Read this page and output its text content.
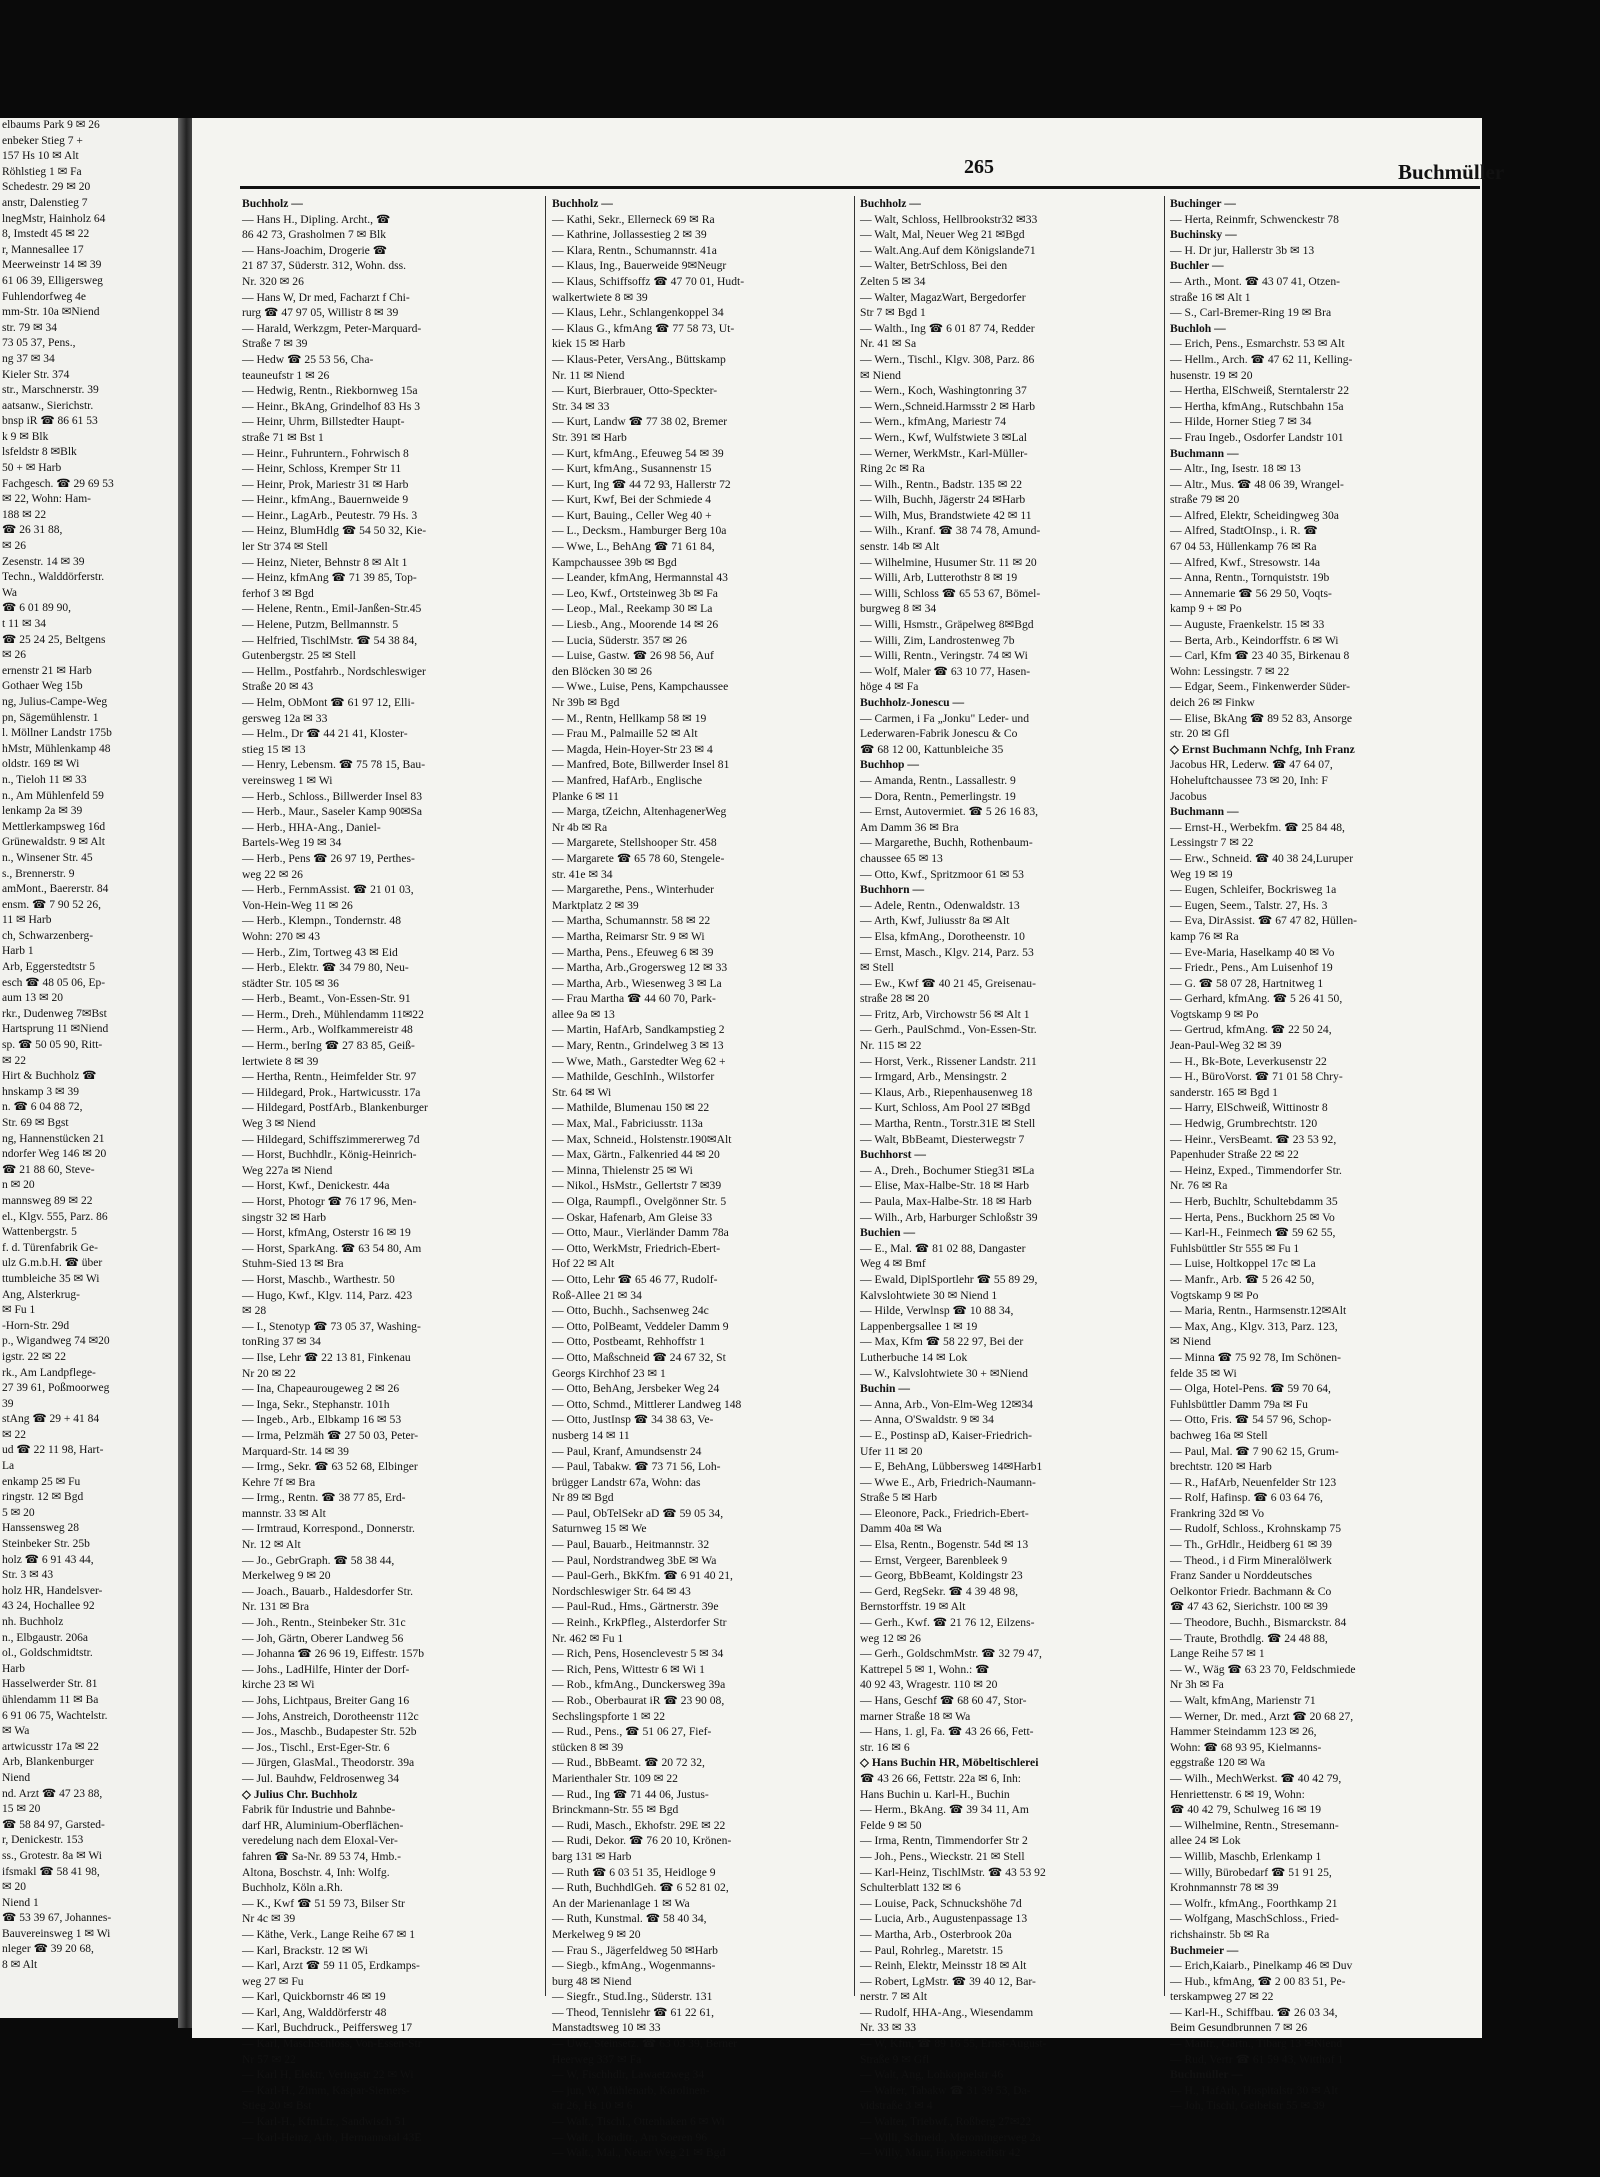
elbaums Park 9 ✉ 26
enbeker Stieg 7 +
157 Hs 10 ✉ Alt
Röhlstieg 1 ✉ Fa
Schedestr. 29 ✉ 20
anstr, Dalenstieg 7
lnegMstr, Hainholz 64
8, Imstedt 45 ✉ 22
r, Mannesallee 17
Meerweinstr 14 ✉ 39
61 06 39, Elligersweg
Fuhlendorfweg 4e
mm-Str. 10a ✉Niend
str. 79 ✉ 34
73 05 37, Pens.,
ng 37 ✉ 34
Kieler Str. 374
str., Marschnerstr. 39
aatsanw., Sierichstr.
bnsp iR ☎ 86 61 53
k 9 ✉ Blk
lsfeldstr 8 ✉Blk
50 + ✉ Harb
Fachgesch. ☎ 29 69 53
✉ 22, Wohn: Ham-
188 ✉ 22
☎ 26 31 88,
✉ 26
Zesenstr. 14 ✉ 39
Techn., Walddörferstr.
Wa
☎ 6 01 89 90,
t 11 ✉ 34
☎ 25 24 25, Beltgens
✉ 26
ernenstr 21 ✉ Harb
Gothaer Weg 15b
ng, Julius-Campe-Weg
pn, Sägemühlenstr. 1
l. Möllner Landstr 175b
hMstr, Mühlenkamp 48
oldstr. 169 ✉ Wi
n., Tieloh 11 ✉ 33
n., Am Mühlenfeld 59
lenkamp 2a ✉ 39
Mettlerkampsweg 16d
Grünewaldstr. 9 ✉ Alt
n., Winsener Str. 45
s., Brennerstr. 9
amMont., Baererstr. 84
ensm. ☎ 7 90 52 26,
11 ✉ Harb
ch, Schwarzenberg-
Harb 1
Arb, Eggerstedtstr 5
esch ☎ 48 05 06, Ep-
aum 13 ✉ 20
rkr., Dudenweg 7✉Bst
Hartsprung 11 ✉Niend
sp. ☎ 50 05 90, Ritt-
✉ 22
Hirt & Buchholz ☎
hnskamp 3 ✉ 39
n. ☎ 6 04 88 72,
Str. 69 ✉ Bgst
ng, Hannenstücken 21
ndorfer Weg 146 ✉ 20
☎ 21 88 60, Steve-
n ✉ 20
mannsweg 89 ✉ 22
el., Klgv. 555, Parz. 86
Wattenbergstr. 5
f. d. Türenfabrik Ge-
ulz G.m.b.H. ☎ über
ttumbleiche 35 ✉ Wi
Ang, Alsterkrug-
✉ Fu 1
-Horn-Str. 29d
p., Wigandweg 74 ✉20
igstr. 22 ✉ 22
rk., Am Landpflege-
27 39 61, Poßmoorweg
39
stAng ☎ 29 + 41 84
✉ 22
ud ☎ 22 11 98, Hart-
La
enkamp 25 ✉ Fu
ringstr. 12 ✉ Bgd
5 ✉ 20
Hanssensweg 28
Steinbeker Str. 25b
holz ☎ 6 91 43 44,
Str. 3 ✉ 43
holz HR, Handelsver-
43 24, Hochallee 92
nh. Buchholz
n., Elbgaustr. 206a
ol., Goldschmidtstr.
Harb
Hasselwerder Str. 81
ühlendamm 11 ✉ Ba
6 91 06 75, Wachtelstr.
✉ Wa
artwicusstr 17a ✉ 22
Arb, Blankenburger
Niend
nd. Arzt ☎ 47 23 88,
15 ✉ 20
☎ 58 84 97, Garsted-
r, Denickestr. 153
ss., Grotestr. 8a ✉ Wi
ifsmakl ☎ 58 41 98,
✉ 20
Niend 1
☎ 53 39 67, Johannes-
Bauvereinsweg 1 ✉ Wi
nleger ☎ 39 20 68,
8 ✉ Alt
265	Buchmüller
Buchholz —
— Hans H., Dipling. Archt., ☎
86 42 73, Grasholmen 7 ✉ Blk
— Hans-Joachim, Drogerie ☎
21 87 37, Süderstr. 312, Wohn. dss.
Nr. 320 ✉ 26
— Hans W, Dr med, Facharzt f Chi-
rurg ☎ 47 97 05, Willistr 8 ✉ 39
— Harald, Werkzgm, Peter-Marquard-
Straße 7 ✉ 39
— Hedw ☎ 25 53 56, Cha-
teauneufstr 1 ✉ 26
— Hedwig, Rentn., Riekbornweg 15a
— Heinr., BkAng, Grindelhof 83 Hs 3
— Heinr, Uhrm, Billstedter Haupt-
straße 71 ✉ Bst 1
— Heinr., Fuhruntern., Fohrwisch 8
— Heinr, Schloss, Kremper Str 11
— Heinr, Prok, Mariestr 31 ✉ Harb
— Heinr., kfmAng., Bauernweide 9
— Heinr., LagArb., Peutestr. 79 Hs. 3
— Heinz, BlumHdlg ☎ 54 50 32, Kie-
ler Str 374 ✉ Stell
— Heinz, Nieter, Behnstr 8 ✉ Alt 1
— Heinz, kfmAng ☎ 71 39 85, Top-
ferhof 3 ✉ Bgd
— Helene, Rentn., Emil-Janßen-Str.45
— Helene, Putzm, Bellmannstr. 5
— Helfried, TischlMstr. ☎ 54 38 84,
Gutenbergstr. 25 ✉ Stell
— Hellm., Postfahrb., Nordschleswiger
Straße 20 ✉ 43
— Helm, ObMont ☎ 61 97 12, Elli-
gersweg 12a ✉ 33
— Helm., Dr ☎ 44 21 41, Kloster-
stieg 15 ✉ 13
— Henry, Lebensm. ☎ 75 78 15, Bau-
vereinsweg 1 ✉ Wi
— Herb., Schloss., Billwerder Insel 83
— Herb., Maur., Saseler Kamp 90✉Sa
— Herb., HHA-Ang., Daniel-
Bartels-Weg 19 ✉ 34
— Herb., Pens ☎ 26 97 19, Perthes-
weg 22 ✉ 26
— Herb., FernmAssist. ☎ 21 01 03,
Von-Hein-Weg 11 ✉ 26
— Herb., Klempn., Tondernstr. 48
Wohn: 270 ✉ 43
— Herb., Zim, Tortweg 43 ✉ Eid
— Herb., Elektr. ☎ 34 79 80, Neu-
städter Str. 105 ✉ 36
— Herb., Beamt., Von-Essen-Str. 91
— Herm., Dreh., Mühlendamm 11✉22
— Herm., Arb., Wolfkammereistr 48
— Herm., berIng ☎ 27 83 85, Geiß-
lertwiete 8 ✉ 39
— Hertha, Rentn., Heimfelder Str. 97
— Hildegard, Prok., Hartwicusstr. 17a
— Hildegard, PostfArb., Blankenburger
Weg 3 ✉ Niend
— Hildegard, Schiffszimmererweg 7d
— Horst, Buchhdlr., König-Heinrich-
Weg 227a ✉ Niend
— Horst, Kwf., Denickestr. 44a
— Horst, Photogr ☎ 76 17 96, Men-
singstr 32 ✉ Harb
— Horst, kfmAng, Osterstr 16 ✉ 19
— Horst, SparkAng. ☎ 63 54 80, Am
Stuhm-Sied 13 ✉ Bra
— Horst, Maschb., Warthestr. 50
— Hugo, Kwf., Klgv. 114, Parz. 423
✉ 28
— I., Stenotyp ☎ 73 05 37, Washing-
tonRing 37 ✉ 34
— Ilse, Lehr ☎ 22 13 81, Finkenau
Nr 20 ✉ 22
— Ina, Chapeaurougeweg 2 ✉ 26
— Inga, Sekr., Stephanstr. 101h
— Ingeb., Arb., Elbkamp 16 ✉ 53
— Irma, Pelzmäh ☎ 27 50 03, Peter-
Marquard-Str. 14 ✉ 39
— Irmg., Sekr. ☎ 63 52 68, Elbinger
Kehre 7f ✉ Bra
— Irmg., Rentn. ☎ 38 77 85, Erd-
mannstr. 33 ✉ Alt
— Irmtraud, Korrespond., Donnerstr.
Nr. 12 ✉ Alt
— Jo., GebrGraph. ☎ 58 38 44,
Merkelweg 9 ✉ 20
— Joach., Bauarb., Haldesdorfer Str.
Nr. 131 ✉ Bra
— Joh., Rentn., Steinbeker Str. 31c
— Joh, Gärtn, Oberer Landweg 56
— Johanna ☎ 26 96 19, Eiffestr. 157b
— Johs., LadHilfe, Hinter der Dorf-
kirche 23 ✉ Wi
— Johs, Lichtpaus, Breiter Gang 16
— Johs, Anstreich, Dorotheenstr 112c
— Jos., Maschb., Budapester Str. 52b
— Jos., Tischl., Erst-Eger-Str. 6
— Jürgen, GlasMal., Theodorstr. 39a
— Jul. Bauhdw, Feldrosenweg 34
◇ Julius Chr. Buchholz
Fabrik für Industrie und Bahnbe-
darf HR, Aluminium-Oberflächen-
veredelung nach dem Eloxal-Ver-
fahren ☎ Sa-Nr. 89 53 74, Hmb.-
Altona, Boschstr. 4, Inh: Wolfg.
Buchholz, Köln a.Rh.
— K., Kwf ☎ 51 59 73, Bilser Str
Nr 4c ✉ 39
— Käthe, Verk., Lange Reihe 67 ✉ 1
— Karl, Brackstr. 12 ✉ Wi
— Karl, Arzt ☎ 59 11 05, Erdkamps-
weg 27 ✉ Fu
— Karl, Quickbornstr 46 ✉ 19
— Karl, Ang, Walddörferstr 48
— Karl, Buchdruck., Peiffersweg 17
— Karl, MaschSchloss, Von-Essen-Str
Nr 57 ✉ 22
— Karl H, Elektr, Veringstr 22 ✉ Wi
— Karl-H., Zimm, Kaspar-Siemers-
Stieg 20 ✉ Bst
— Karl-H., KfmLtr., Sandwisch 51
— Karl-Heinz, Arb., Hermannstal 43E
Buchholz —
— Kathi, Sekr., Ellerneck 69 ✉ Ra
— Kathrine, Jollassestieg 2 ✉ 39
— Klara, Rentn., Schumannstr. 41a
— Klaus, Ing., Bauerweide 9✉Neugr
— Klaus, Schiffsoffz ☎ 47 70 01, Hudt-
walkertwiete 8 ✉ 39
— Klaus, Lehr., Schlangenkoppel 34
— Klaus G., kfmAng ☎ 77 58 73, Ut-
kiek 15 ✉ Harb
— Klaus-Peter, VersAng., Büttskamp
Nr. 11 ✉ Niend
— Kurt, Bierbrauer, Otto-Speckter-
Str. 34 ✉ 33
— Kurt, Landw ☎ 77 38 02, Bremer
Str. 391 ✉ Harb
— Kurt, kfmAng., Efeuweg 54 ✉ 39
— Kurt, kfmAng., Susannenstr 15
— Kurt, Ing ☎ 44 72 93, Hallerstr 72
— Kurt, Kwf, Bei der Schmiede 4
— Kurt, Bauing., Celler Weg 40 +
— L., Decksm., Hamburger Berg 10a
— Wwe, L., BehAng ☎ 71 61 84,
Kampchaussee 39b ✉ Bgd
— Leander, kfmAng, Hermannstal 43
— Leo, Kwf., Ortsteinweg 3b ✉ Fa
— Leop., Mal., Reekamp 30 ✉ La
— Liesb., Ang., Moorende 14 ✉ 26
— Lucia, Süderstr. 357 ✉ 26
— Luise, Gastw. ☎ 26 98 56, Auf
den Blöcken 30 ✉ 26
— Wwe., Luise, Pens, Kampchaussee
Nr 39b ✉ Bgd
— M., Rentn, Hellkamp 58 ✉ 19
— Frau M., Palmaille 52 ✉ Alt
— Magda, Hein-Hoyer-Str 23 ✉ 4
— Manfred, Bote, Billwerder Insel 81
— Manfred, HafArb., Englische
Planke 6 ✉ 11
— Marga, tZeichn, AltenhagenerWeg
Nr 4b ✉ Ra
— Margarete, Stellshooper Str. 458
— Margarete ☎ 65 78 60, Stengele-
str. 41e ✉ 34
— Margarethe, Pens., Winterhuder
Marktplatz 2 ✉ 39
— Martha, Schumannstr. 58 ✉ 22
— Martha, Reimarsr Str. 9 ✉ Wi
— Martha, Pens., Efeuweg 6 ✉ 39
— Martha, Arb.,Grogersweg 12 ✉ 33
— Martha, Arb., Wiesenweg 3 ✉ La
— Frau Martha ☎ 44 60 70, Park-
allee 9a ✉ 13
— Martin, HafArb, Sandkampstieg 2
— Mary, Rentn., Grindelweg 3 ✉ 13
— Wwe, Math., Garstedter Weg 62 +
— Mathilde, GeschInh., Wilstorfer
Str. 64 ✉ Wi
— Mathilde, Blumenau 150 ✉ 22
— Max, Mal., Fabriciusstr. 113a
— Max, Schneid., Holstenstr.190✉Alt
— Max, Gärtn., Falkenried 44 ✉ 20
— Minna, Thielenstr 25 ✉ Wi
— Nikol., HsMstr., Gellertstr 7 ✉39
— Olga, Raumpfl., Ovelgönner Str. 5
— Oskar, Hafenarb, Am Gleise 33
— Otto, Maur., Vierländer Damm 78a
— Otto, WerkMstr, Friedrich-Ebert-
Hof 22 ✉ Alt
— Otto, Lehr ☎ 65 46 77, Rudolf-
Roß-Allee 21 ✉ 34
— Otto, Buchh., Sachsenweg 24c
— Otto, PolBeamt, Veddeler Damm 9
— Otto, Postbeamt, Rehhoffstr 1
— Otto, Maßschneid ☎ 24 67 32, St
Georgs Kirchhof 23 ✉ 1
— Otto, BehAng, Jersbeker Weg 24
— Otto, Schmd., Mittlerer Landweg 148
— Otto, JustInsp ☎ 34 38 63, Ve-
nusberg 14 ✉ 11
— Paul, Kranf, Amundsenstr 24
— Paul, Tabakw. ☎ 73 71 56, Loh-
brügger Landstr 67a, Wohn: das
Nr 89 ✉ Bgd
— Paul, ObTelSekr aD ☎ 59 05 34,
Saturnweg 15 ✉ We
— Paul, Bauarb., Heitmannstr. 32
— Paul, Nordstrandweg 3bE ✉ Wa
— Paul-Gerh., BkKfm. ☎ 6 91 40 21,
Nordschleswiger Str. 64 ✉ 43
— Paul-Rud., Hms., Gärtnerstr. 39e
— Reinh., KrkPfleg., Alsterdorfer Str
Nr. 462 ✉ Fu 1
— Rich, Pens, Hosenclevestr 5 ✉ 34
— Rich, Pens, Wittestr 6 ✉ Wi 1
— Rob., kfmAng., Dunckersweg 39a
— Rob., Oberbaurat iR ☎ 23 90 08,
Sechslingspforte 1 ✉ 22
— Rud., Pens., ☎ 51 06 27, Fief-
stücken 8 ✉ 39
— Rud., BbBeamt. ☎ 20 72 32,
Marienthaler Str. 109 ✉ 22
— Rud., Ing ☎ 71 44 06, Justus-
Brinckmann-Str. 55 ✉ Bgd
— Rudi, Masch., Ekhofstr. 29E ✉ 22
— Rudi, Dekor. ☎ 76 20 10, Krönen-
barg 131 ✉ Harb
— Ruth ☎ 6 03 51 35, Heidloge 9
— Ruth, BuchhdlGeh. ☎ 6 52 81 02,
An der Marienanlage 1 ✉ Wa
— Ruth, Kunstmal. ☎ 58 40 34,
Merkelweg 9 ✉ 20
— Frau S., Jägerfeldweg 50 ✉Harb
— Siegb., kfmAng., Wogenmanns-
burg 48 ✉ Niend
— Siegfr., Stud.Ing., Süderstr. 131
— Theod, Tennislehr ☎ 61 22 61,
Manstadtsweg 10 ✉ 33
— Uwe, Steinsetz. ☎ 63 03 39, Berner
Heerweg 337 ✉ Fa
— W, Fischhdlr, Lawaetzweg 34
— jun, W, Mühlenarb, Karolinen-
str 26, Hs 10 ✉ 6
— Walt., Tischl., Ottenhaken 6 ✉ Wi
— Walt., Konditr., Am Soeren 96
— Walt., Mal., Neuer Weg 21 ✉ Bgd
Buchholz —
— Walt, Schloss, Hellbrookstr32 ✉33
— Walt, Mal, Neuer Weg 21 ✉Bgd
— Walt.Ang.Auf dem Königslande71
— Walter, BetrSchloss, Bei den
Zelten 5 ✉ 34
— Walter, MagazWart, Bergedorfer
Str 7 ✉ Bgd 1
— Walth., Ing ☎ 6 01 87 74, Redder
Nr. 41 ✉ Sa
— Wern., Tischl., Klgv. 308, Parz. 86
✉ Niend
— Wern., Koch, Washingtonring 37
— Wern.,Schneid.Harmsstr 2 ✉ Harb
— Wern., kfmAng, Mariestr 74
— Wern., Kwf, Wulfstwiete 3 ✉Lal
— Werner, WerkMstr., Karl-Müller-
Ring 2c ✉ Ra
— Wilh., Rentn., Badstr. 135 ✉ 22
— Wilh, Buchh, Jägerstr 24 ✉Harb
— Wilh, Mus, Brandstwiete 42 ✉ 11
— Wilh., Kranf. ☎ 38 74 78, Amund-
senstr. 14b ✉ Alt
— Wilhelmine, Husumer Str. 11 ✉ 20
— Willi, Arb, Lutterothstr 8 ✉ 19
— Willi, Schloss ☎ 65 53 67, Bömel-
burgweg 8 ✉ 34
— Willi, Hsmstr., Gräpelweg 8✉Bgd
— Willi, Zim, Landrostenweg 7b
— Willi, Rentn., Veringstr. 74 ✉ Wi
— Wolf, Maler ☎ 63 10 77, Hasen-
höge 4 ✉ Fa
Buchholz-Jonescu —
— Carmen, i Fa „Jonku" Leder- und
Lederwaren-Fabrik Jonescu & Co
☎ 68 12 00, Kattunbleiche 35
Buchhop —
— Amanda, Rentn., Lassallestr. 9
— Dora, Rentn., Pemerlingstr. 19
— Ernst, Autovermiet. ☎ 5 26 16 83,
Am Damm 36 ✉ Bra
— Margarethe, Buchh, Rothenbaum-
chaussee 65 ✉ 13
— Otto, Kwf., Spritzmoor 61 ✉ 53
Buchhorn —
— Adele, Rentn., Odenwaldstr. 13
— Arth, Kwf, Juliusstr 8a ✉ Alt
— Elsa, kfmAng., Dorotheenstr. 10
— Ernst, Masch., Klgv. 214, Parz. 53
✉ Stell
— Ew., Kwf ☎ 40 21 45, Greisenau-
straße 28 ✉ 20
— Fritz, Arb, Virchowstr 56 ✉ Alt 1
— Gerh., PaulSchmd., Von-Essen-Str.
Nr. 115 ✉ 22
— Horst, Verk., Rissener Landstr. 211
— Irmgard, Arb., Mensingstr. 2
— Klaus, Arb., Riepenhausenweg 18
— Kurt, Schloss, Am Pool 27 ✉Bgd
— Martha, Rentn., Torstr.31E ✉ Stell
— Walt, BbBeamt, Diesterwegstr 7
Buchhorst —
— A., Dreh., Bochumer Stieg31 ✉La
— Elise, Max-Halbe-Str. 18 ✉ Harb
— Paula, Max-Halbe-Str. 18 ✉ Harb
— Wilh., Arb, Harburger Schloßstr 39
Buchien —
— E., Mal. ☎ 81 02 88, Dangaster
Weg 4 ✉ Bmf
— Ewald, DiplSportlehr ☎ 55 89 29,
Kalvslohtwiete 30 ✉ Niend 1
— Hilde, Verwlnsp ☎ 10 88 34,
Lappenbergsallee 1 ✉ 19
— Max, Kfm ☎ 58 22 97, Bei der
Lutherbuche 14 ✉ Lok
— W., Kalvslohtwiete 30 + ✉Niend
Buchin —
— Anna, Arb., Von-Elm-Weg 12✉34
— Anna, O'Swaldstr. 9 ✉ 34
— E., Postinsp aD, Kaiser-Friedrich-
Ufer 11 ✉ 20
— E, BehAng, Lübbersweg 14✉Harb1
— Wwe E., Arb, Friedrich-Naumann-
Straße 5 ✉ Harb
— Eleonore, Pack., Friedrich-Ebert-
Damm 40a ✉ Wa
— Elsa, Rentn., Bogenstr. 54d ✉ 13
— Ernst, Vergeer, Barenbleek 9
— Georg, BbBeamt, Koldingstr 23
— Gerd, RegSekr. ☎ 4 39 48 98,
Bernstorffstr. 19 ✉ Alt
— Gerh., Kwf. ☎ 21 76 12, Eilzens-
weg 12 ✉ 26
— Gerh., GoldschmMstr. ☎ 32 79 47,
Kattrepel 5 ✉ 1, Wohn.: ☎
40 92 43, Wragestr. 110 ✉ 20
— Hans, Geschf ☎ 68 60 47, Stor-
marner Straße 18 ✉ Wa
— Hans, 1. gl, Fa. ☎ 43 26 66, Fett-
str. 16 ✉ 6
◇ Hans Buchin HR, Möbeltischlerei
☎ 43 26 66, Fettstr. 22a ✉ 6, Inh:
Hans Buchin u. Karl-H., Buchin
— Herm., BkAng. ☎ 39 34 11, Am
Felde 9 ✉ 50
— Irma, Rentn, Timmendorfer Str 2
— Joh., Pens., Wieckstr. 21 ✉ Stell
— Karl-Heinz, TischlMstr. ☎ 43 53 92
Schulterblatt 132 ✉ 6
— Louise, Pack, Schnuckshöhe 7d
— Lucia, Arb., Augustenpassage 13
— Martha, Arb., Osterbrook 20a
— Paul, Rohrleg., Maretstr. 15
— Reinh, Elektr, Meinsstr 18 ✉ Alt
— Robert, LgMstr. ☎ 39 40 12, Bar-
nerstr. 7 ✉ Alt
— Rudolf, HHA-Ang., Wiesendamm
Nr. 33 ✉ 33
— W, Kfm, ☎ 89 16 55, Ernst-August-
Straße 9 ✉ Gfl
— Walt, Ang, Lohkoppelstr 46
— Walter, Tabakw ☎ 31 39 53, Da-
vidstraße 3 ✉ 4
— Walter, Triebwf., Roßberg 27✉22
— Willi, Schneid., Meromingerweg 2a
— Willy, Maur, Hoppenstedtstr 42
Buchinger —
— Herta, Reinmfr, Schwenckestr 78
Buchinsky —
— H. Dr jur, Hallerstr 3b ✉ 13
Buchler —
— Arth., Mont. ☎ 43 07 41, Otzen-
straße 16 ✉ Alt 1
— S., Carl-Bremer-Ring 19 ✉ Bra
Buchloh —
— Erich, Pens., Esmarchstr. 53 ✉ Alt
— Hellm., Arch. ☎ 47 62 11, Kelling-
husenstr. 19 ✉ 20
— Hertha, ElSchweiß, Sterntalerstr 22
— Hertha, kfmAng., Rutschbahn 15a
— Hilde, Horner Stieg 7 ✉ 34
— Frau Ingeb., Osdorfer Landstr 101
Buchmann —
— Altr., Ing, Isestr. 18 ✉ 13
— Altr., Mus. ☎ 48 06 39, Wrangel-
straße 79 ✉ 20
— Alfred, Elektr, Scheidingweg 30a
— Alfred, StadtOInsp., i. R. ☎
67 04 53, Hüllenkamp 76 ✉ Ra
— Alfred, Kwf., Stresowstr. 14a
— Anna, Rentn., Tornquiststr. 19b
— Annemarie ☎ 56 29 50, Voqts-
kamp 9 + ✉ Po
— Auguste, Fraenkelstr. 15 ✉ 33
— Berta, Arb., Keindorffstr. 6 ✉ Wi
— Carl, Kfm ☎ 23 40 35, Birkenau 8
Wohn: Lessingstr. 7 ✉ 22
— Edgar, Seem., Finkenwerder Süder-
deich 26 ✉ Finkw
— Elise, BkAng ☎ 89 52 83, Ansorge
str. 20 ✉ Gfl
◇ Ernst Buchmann Nchfg, Inh Franz
Jacobus HR, Lederw. ☎ 47 64 07,
Hoheluftchaussee 73 ✉ 20, Inh: F
Jacobus
Buchmann —
— Ernst-H., Werbekfm. ☎ 25 84 48,
Lessingstr 7 ✉ 22
— Erw., Schneid. ☎ 40 38 24,Luruper
Weg 19 ✉ 19
— Eugen, Schleifer, Bockrisweg 1a
— Eugen, Seem., Talstr. 27, Hs. 3
— Eva, DirAssist. ☎ 67 47 82, Hüllen-
kamp 76 ✉ Ra
— Eve-Maria, Haselkamp 40 ✉ Vo
— Friedr., Pens., Am Luisenhof 19
— G. ☎ 58 07 28, Hartnitweg 1
— Gerhard, kfmAng. ☎ 5 26 41 50,
Vogtskamp 9 ✉ Po
— Gertrud, kfmAng. ☎ 22 50 24,
Jean-Paul-Weg 32 ✉ 39
— H., Bk-Bote, Leverkusenstr 22
— H., BüroVorst. ☎ 71 01 58 Chry-
sanderstr. 165 ✉ Bgd 1
— Harry, ElSchweiß, Wittinostr 8
— Hedwig, Grumbrechtstr. 120
— Heinr., VersBeamt. ☎ 23 53 92,
Papenhuder Straße 22 ✉ 22
— Heinz, Exped., Timmendorfer Str.
Nr. 76 ✉ Ra
— Herb, Buchltr, Schultebdamm 35
— Herta, Pens., Buckhorn 25 ✉ Vo
— Karl-H., Feinmech ☎ 59 62 55,
Fuhlsbüttler Str 555 ✉ Fu 1
— Luise, Holtkoppel 17c ✉ La
— Manfr., Arb. ☎ 5 26 42 50,
Vogtskamp 9 ✉ Po
— Maria, Rentn., Harmsenstr.12✉Alt
— Max, Ang., Klgv. 313, Parz. 123,
✉ Niend
— Minna ☎ 75 92 78, Im Schönen-
felde 35 ✉ Wi
— Olga, Hotel-Pens. ☎ 59 70 64,
Fuhlsbüttler Damm 79a ✉ Fu
— Otto, Fris. ☎ 54 57 96, Schop-
bachweg 16a ✉ Stell
— Paul, Mal. ☎ 7 90 62 15, Grum-
brechtstr. 120 ✉ Harb
— R., HafArb, Neuenfelder Str 123
— Rolf, Hafinsp. ☎ 6 03 64 76,
Frankring 32d ✉ Vo
— Rudolf, Schloss., Krohnskamp 75
— Th., GrHdlr., Heidberg 61 ✉ 39
— Theod., i d Firm Mineralölwerk
Franz Sander u Norddeutsches
Oelkontor Friedr. Bachmann & Co
☎ 47 43 62, Sierichstr. 100 ✉ 39
— Theodore, Buchh., Bismarckstr. 84
— Traute, Brothdlg. ☎ 24 48 88,
Lange Reihe 57 ✉ 1
— W., Wäg ☎ 63 23 70, Feldschmiede
Nr 3h ✉ Fa
— Walt, kfmAng, Marienstr 71
— Werner, Dr. med., Arzt ☎ 20 68 27,
Hammer Steindamm 123 ✉ 26,
Wohn: ☎ 68 93 95, Kielmanns-
eggstraße 120 ✉ Wa
— Wilh., MechWerkst. ☎ 40 42 79,
Henriettenstr. 6 ✉ 19, Wohn:
☎ 40 42 79, Schulweg 16 ✉ 19
— Wilhelmine, Rentn., Stresemann-
allee 24 ✉ Lok
— Willib, Maschb, Erlenkamp 1
— Willy, Bürobedarf ☎ 51 91 25,
Krohnmannstr 78 ✉ 39
— Wolfr., kfmAng., Foorthkamp 21
— Wolfgang, MaschSchloss., Fried-
richshainstr. 5b ✉ Ra
Buchmeier —
— Erich,Kaiarb., Pinelkamp 46 ✉ Duv
— Hub., kfmAng, ☎ 2 00 83 51, Pe-
terskampweg 27 ✉ 22
— Karl-H., Schiffbau. ☎ 26 03 34,
Beim Gesundbrunnen 7 ✉ 26
— Manfr., Gärtn., Tibarg 13 ✉Niend
— Rud, Vertr ☎ 61 59 43, Witthof 1
Buchmüller —
— H., HafArb, Hospitalstr 30 ✉ Alt
— Joh, Tischl, Geibelstr 55 ✉ 39
